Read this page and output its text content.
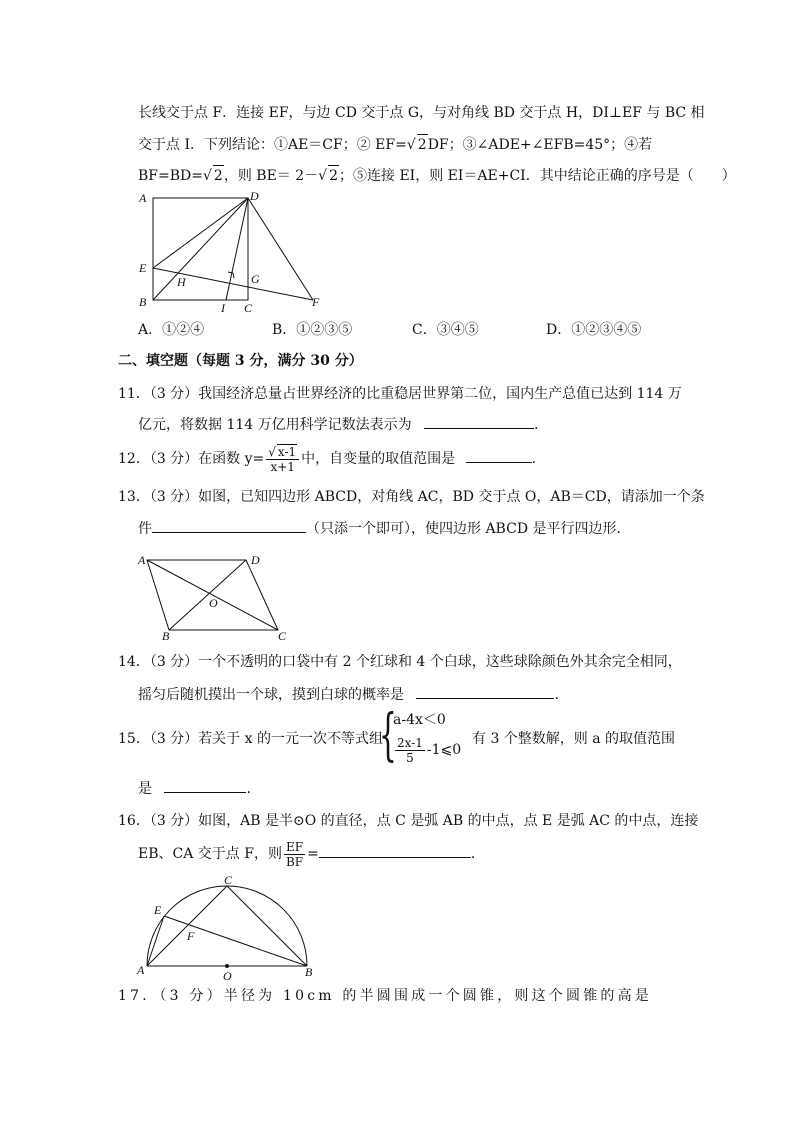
长线交于点 F．连接 EF，与边 CD 交于点 G，与对角线 BD 交于点 H，DI⊥EF 与 BC 相
交于点 I．下列结论：①AE＝CF；② EF=√ 2DF；③∠ADE+∠EFB=45°；④若
BF=BD=√ 2，则 BE＝ 2－√ 2；⑤连接 EI，则 EI＝AE+CI．其中结论正确的序号是（　　）
A	D
E
G
H
B	I C	F
A．①②④	B．①②③⑤	C．③④⑤	D．①②③④⑤
二、填空题（每题 3 分，满分 30 分）
11．（3 分）我国经济总量占世界经济的比重稳居世界第二位，国内生产总值已达到 114 万
亿元，将数据 114 万亿用科学记数法表示为	．
12．（3 分）在函数 $y= \frac{√ x-1}{x+1}$ 中，自变量的取值范围是	．
13．（3 分）如图，已知四边形 ABCD，对角线 AC，BD 交于点 O，AB＝CD，请添加一个条
件	（只添一个即可），使四边形 ABCD 是平行四边形．
A	D
O
B	C
14．（3 分）一个不透明的口袋中有 2 个红球和 4 个白球，这些球除颜色外其余完全相同，
摇匀后随机摸出一个球，摸到白球的概率是	．
15．（3 分）若关于 x 的一元一次不等式组
{
a-4x＜0
$\frac{2x-1}{5}$ -1⩽0
有 3 个整数解，则 a 的取值范围
是	．
16．（3 分）如图，AB 是半⊙O 的直径，点 C 是弧 AB 的中点，点 E 是弧 AC 的中点，连接
EB、CA 交于点 F，则 $\frac{EF}{BF}$ =	．
C
E
F
A	O	B
17．（3 分）半径为 10cm 的半圆围成一个圆锥，则这个圆锥的高是
